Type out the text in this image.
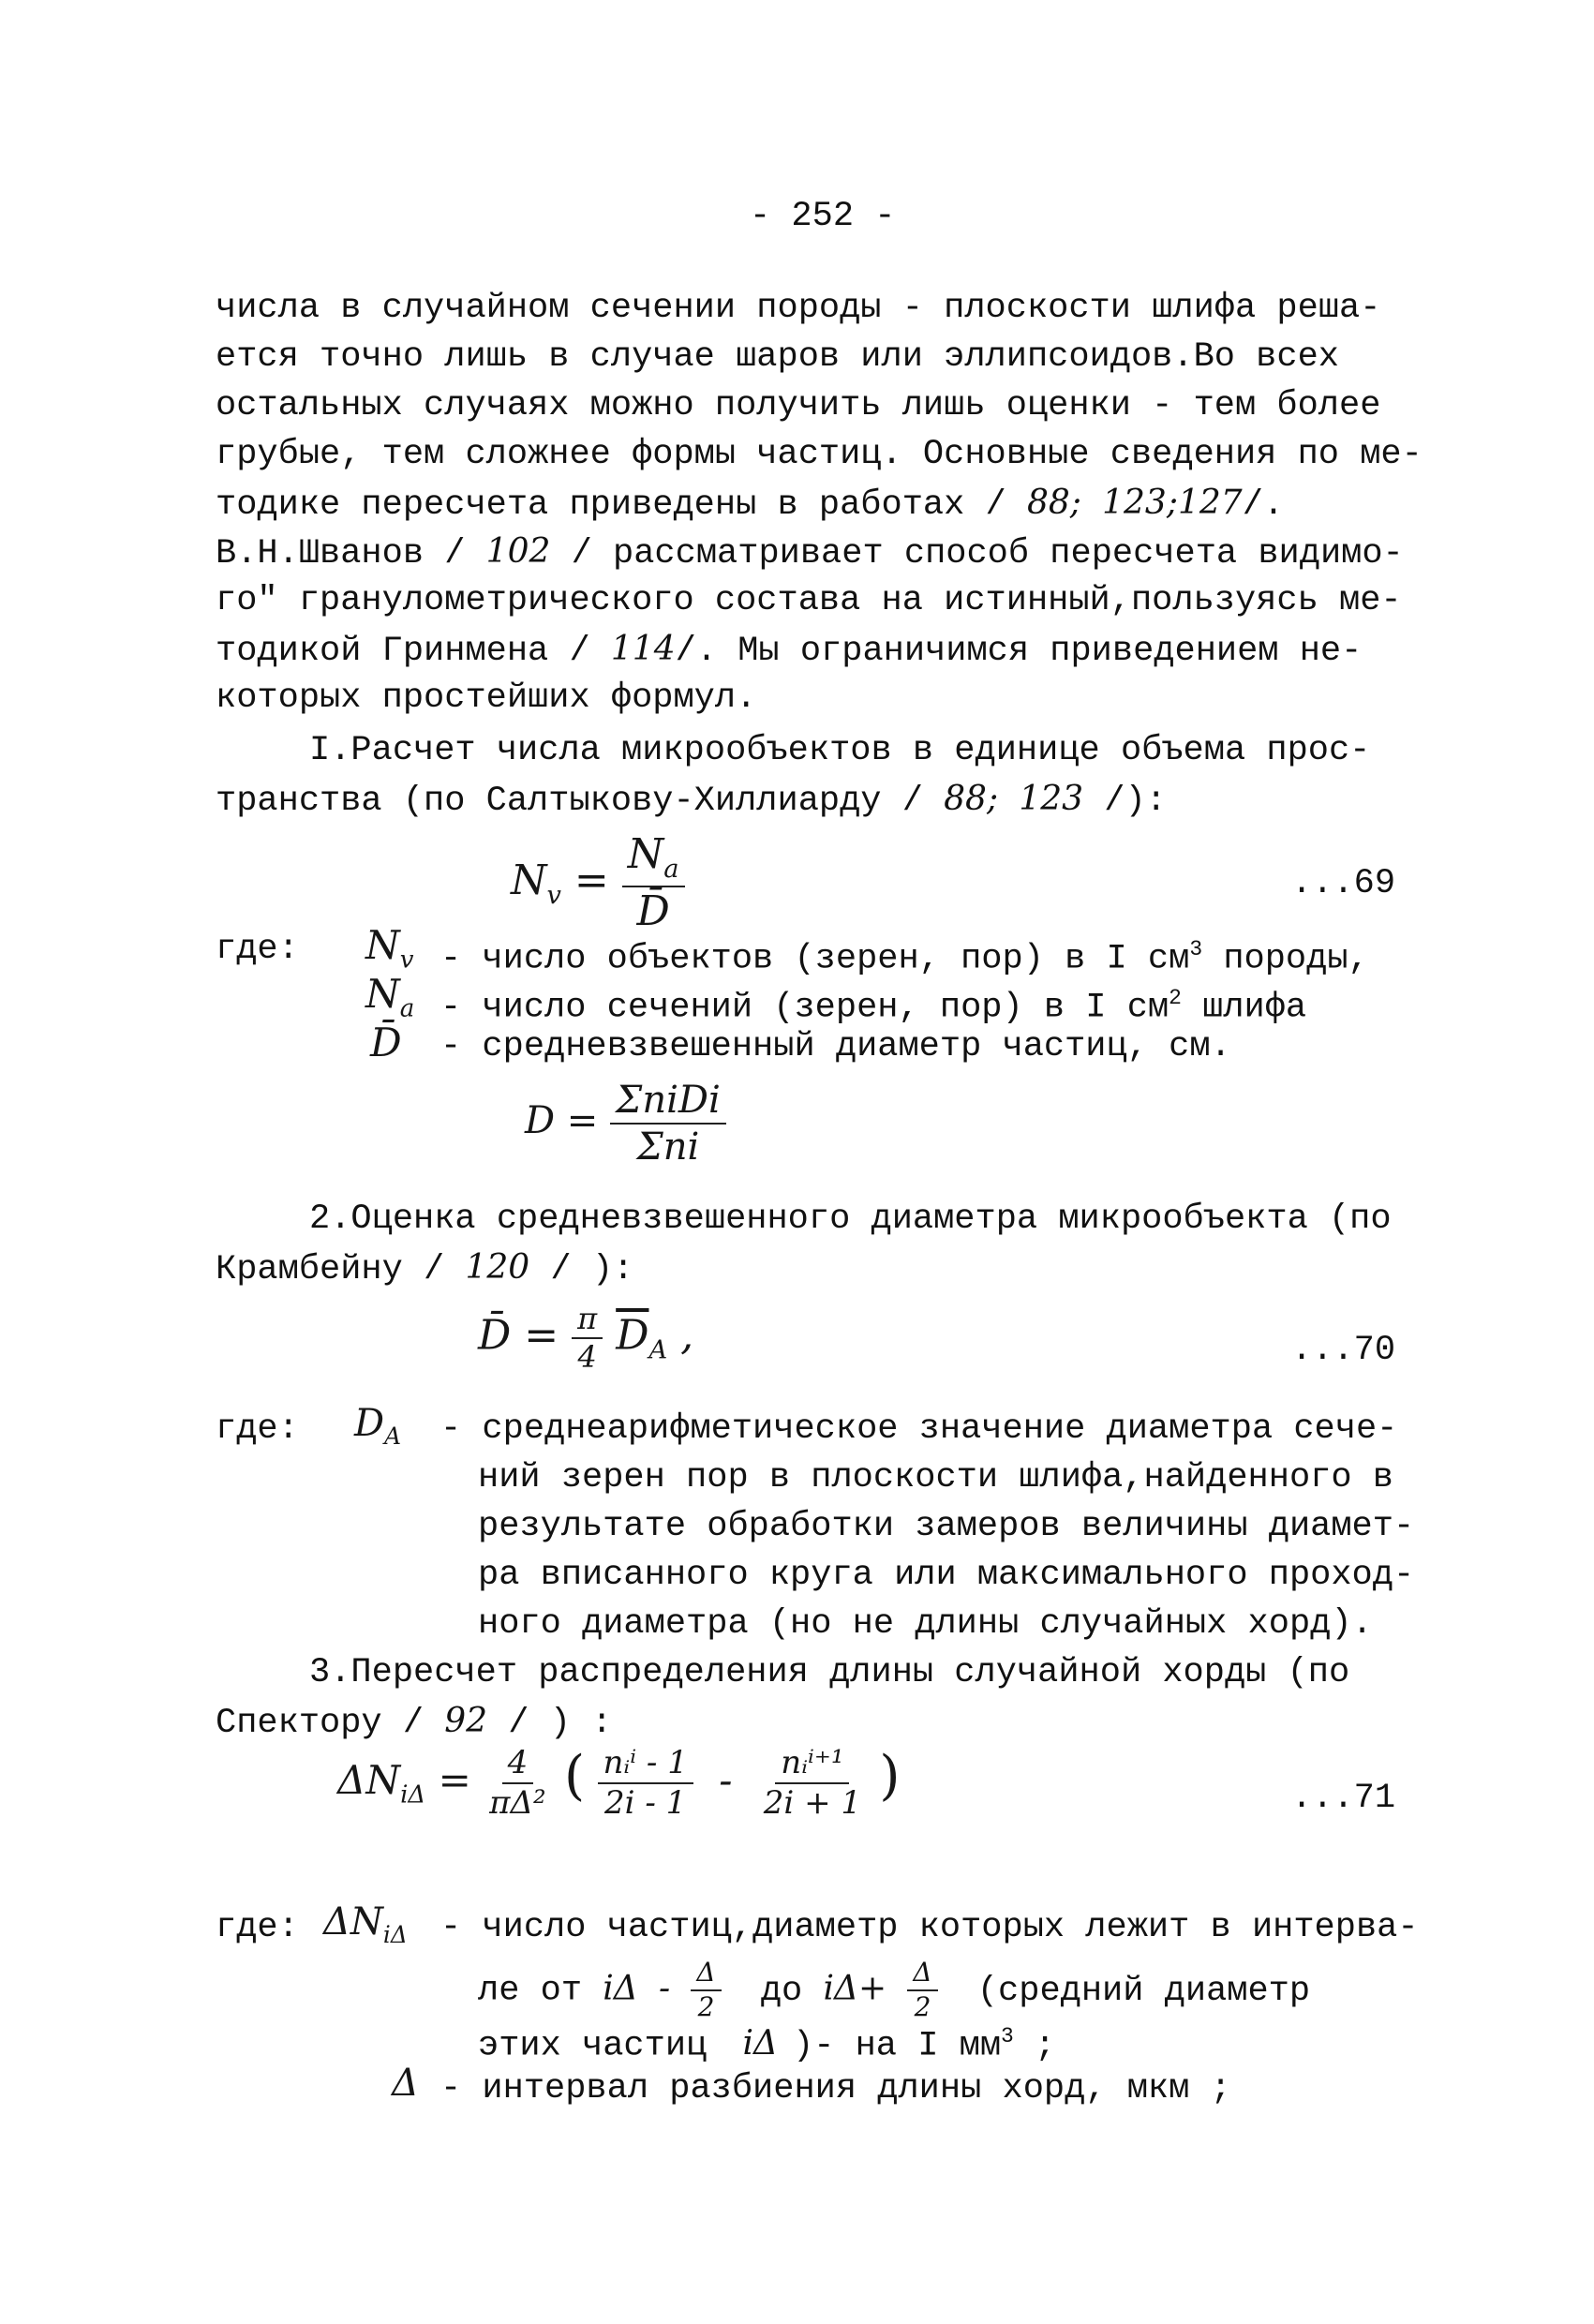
- 252 -
числа в случайном сечении породы - плоскости шлифа реша-
ется точно лишь в случае шаров или эллипсоидов.Во всех
остальных случаях можно получить лишь оценки - тем более
грубые, тем сложнее формы частиц. Основные сведения по ме-
тодике пересчета приведены в работах / 88; 123;127/.
В.Н.Шванов / 102 / рассматривает способ пересчета видимо-
го" гранулометрического состава на истинный,пользуясь ме-
тодикой Гринмена / 114/. Мы ограничимся приведением не-
которых простейших формул.
I.Расчет числа микрообъектов в единице объема прос-
транства (по Салтыкову-Хиллиарду / 88; 123 /):
$N_v = \frac{N_a}{D̄}$	...69
где: $N_v$ - число объектов (зерен, пор) в I $см^3$ породы,
$N_a$ - число сечений (зерен, пор) в I $см^2$ шлифа
D̄ - средневзвешенный диаметр частиц, см.
$D = \frac{\text{ΣniDi}}{\text{Σni}}$
2.Оценка средневзвешенного диаметра микрообъекта (по
Крамбейну / 120 / ):
D̄ = $\frac{\pi}{4} \overline{D}_A$ ,	...70
где: $D_A$ - среднеарифметическое значение диаметра сече-
ний зерен пор в плоскости шлифа,найденного в
результате обработки замеров величины диамет-
ра вписанного круга или максимального проход-
ного диаметра (но не длины случайных хорд).
3.Пересчет распределения длины случайной хорды (по
Спектору / 92 / ) :
$\Delta N_{i\Delta} = \frac{4}{\text{πΔ²}}$ ( $\frac{\text{nᵢⁱ - 1}}{2i - 1} - \frac{\text{nᵢⁱ⁺¹}}{2i + 1}$ )	...71
где: $\Delta N_{i\Delta}$ - число частиц,диаметр которых лежит в интерва-
ле от iΔ - $\frac{\Delta}{2}$ до $i\Delta+ \frac{\Delta}{2}$ (средний диаметр
этих частиц iΔ )- на I $мм^3$ ;
Δ - интервал разбиения длины хорд, мкм ;
